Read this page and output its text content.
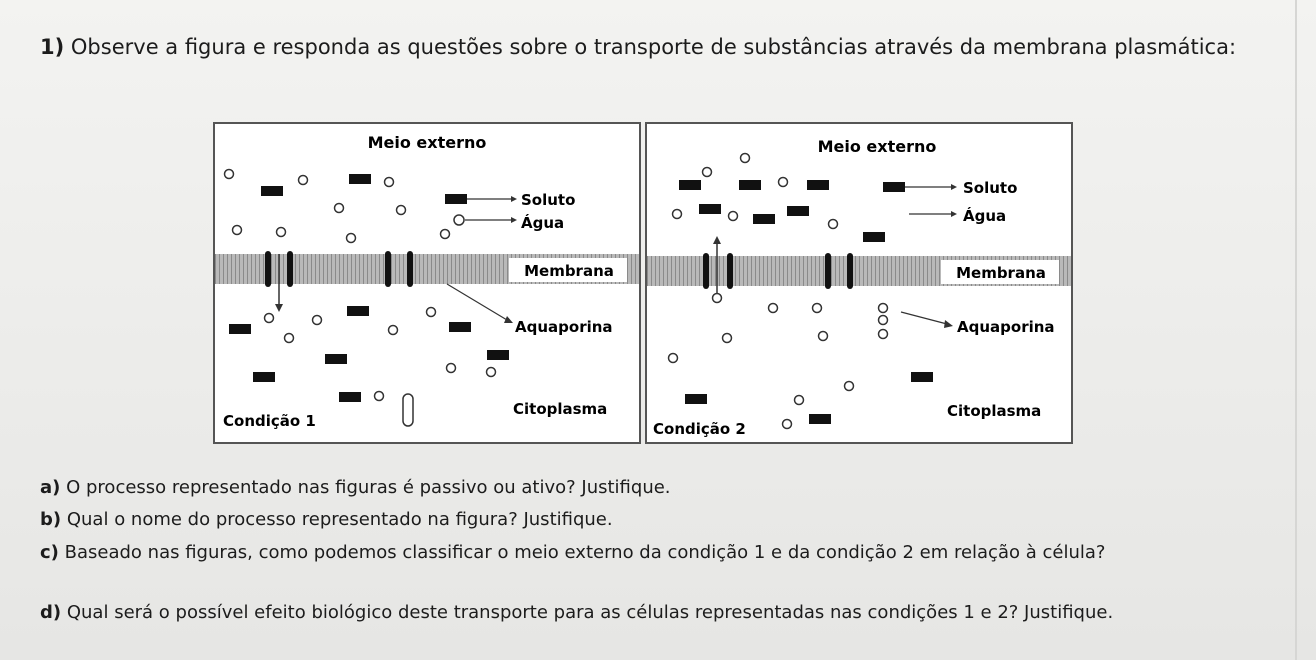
1) Observe a figura e responda as questões sobre o transporte de substâncias através da membrana plasmática:

Meio externo
Membrana
Soluto
Água
Aquaporina
Citoplasma
Condição 1
Meio externo
Membrana
Soluto
Água
Aquaporina
Citoplasma
Condição 2

a) O processo representado nas figuras é passivo ou ativo? Justifique.

b) Qual o nome do processo representado na figura? Justifique.

c) Baseado nas figuras, como podemos classificar o meio externo da condição 1 e da condição 2 em relação à célula?

d) Qual será o possível efeito biológico deste transporte para as células representadas nas condições 1 e 2? Justifique.
